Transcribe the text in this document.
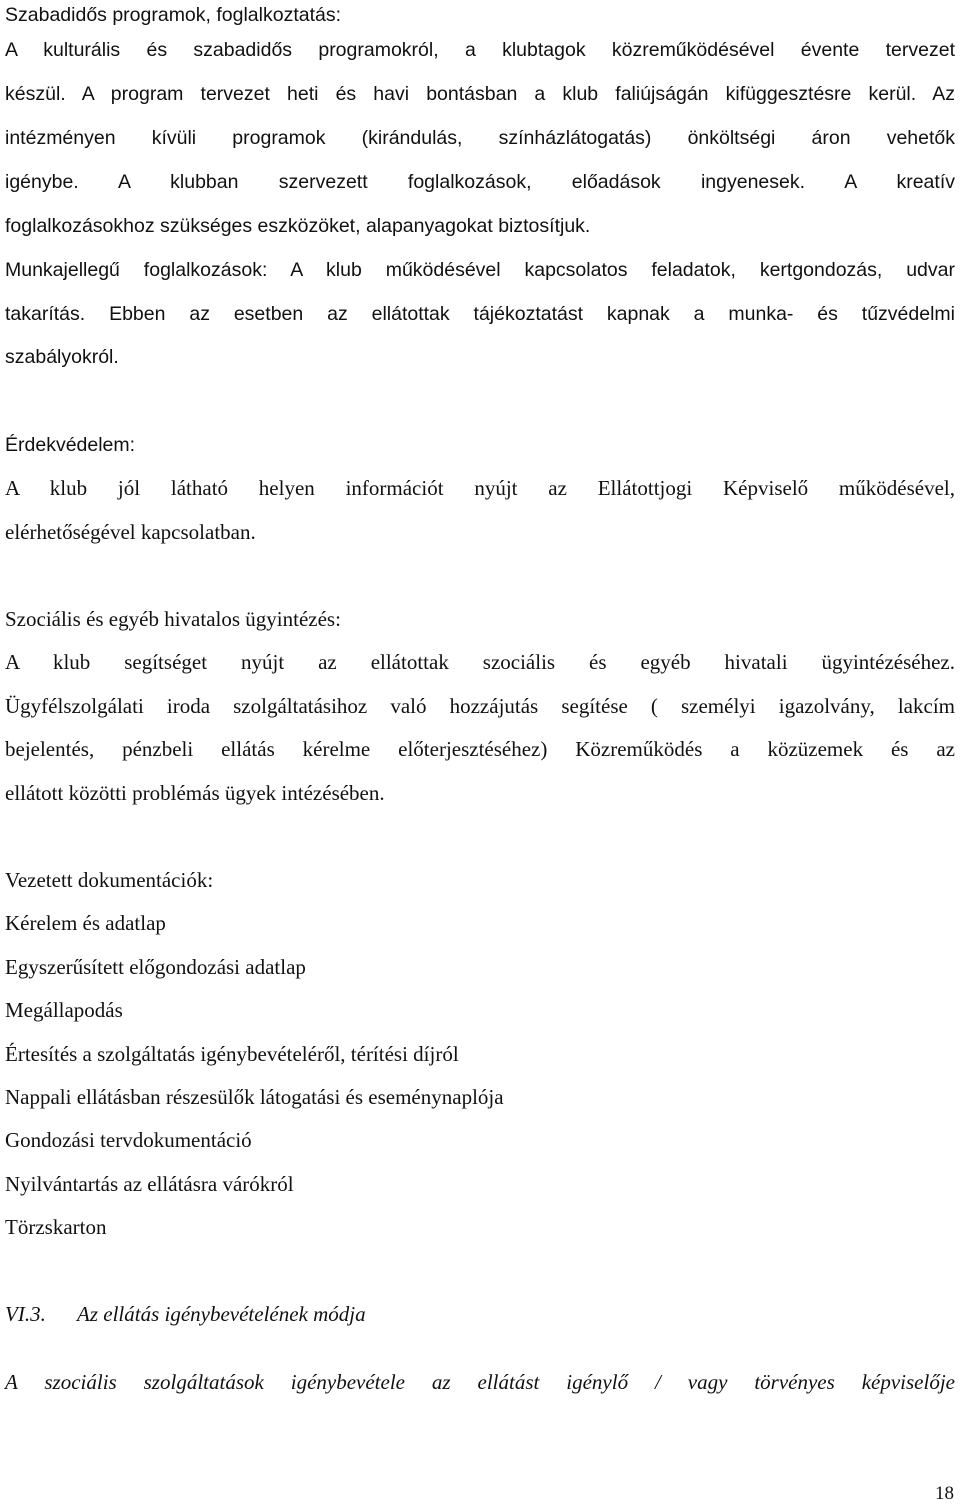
Szabadidős programok, foglalkoztatás:
A kulturális és szabadidős programokról, a klubtagok közreműködésével évente tervezet
készül. A program tervezet heti és havi bontásban a klub faliújságán kifüggesztésre kerül. Az
intézményen kívüli programok (kirándulás, színházlátogatás) önköltségi áron vehetők
igénybe. A klubban szervezett foglalkozások, előadások ingyenesek. A kreatív
foglalkozásokhoz szükséges eszközöket, alapanyagokat biztosítjuk.
Munkajellegű foglalkozások: A klub működésével kapcsolatos feladatok, kertgondozás, udvar
takarítás. Ebben az esetben az ellátottak tájékoztatást kapnak a munka- és tűzvédelmi
szabályokról.
Érdekvédelem:
A klub jól látható helyen információt nyújt az Ellátottjogi Képviselő működésével,
elérhetőségével kapcsolatban.
Szociális és egyéb hivatalos ügyintézés:
A klub segítséget nyújt az ellátottak szociális és egyéb hivatali ügyintézéséhez.
Ügyfélszolgálati iroda szolgáltatásihoz való hozzájutás segítése ( személyi igazolvány, lakcím
bejelentés, pénzbeli ellátás kérelme előterjesztéséhez) Közreműködés a közüzemek és az
ellátott közötti problémás ügyek intézésében.
Vezetett dokumentációk:
Kérelem és adatlap
Egyszerűsített előgondozási adatlap
Megállapodás
Értesítés a szolgáltatás igénybevételéről, térítési díjról
Nappali ellátásban részesülők látogatási és eseménynaplója
Gondozási tervdokumentáció
Nyilvántartás az ellátásra várókról
Törzskarton
VI.3. Az ellátás igénybevételének módja
A szociális szolgáltatások igénybevétele az ellátást igénylő / vagy törvényes képviselője
18
